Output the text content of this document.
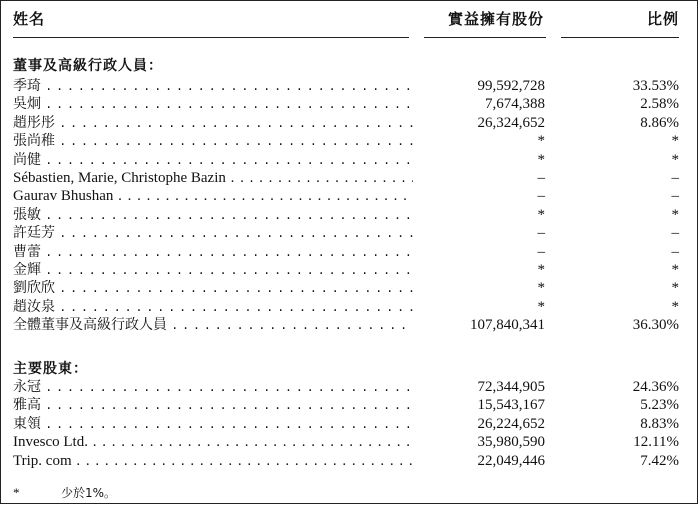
姓名	實益擁有股份	比例
董事及高級行政人員：
季琦 . . .	99,592,728	33.53%
吳炯 . . .	7,674,388	2.58%
趙彤彤 . . .	26,324,652	8.86%
張尚稚 . . .	*	*
尚健 . . .	*	*
Sébastien, Marie, Christophe Bazin . . .	–	–
Gaurav Bhushan . . .	–	–
張敏 . . .	*	*
許廷芳 . . .	–	–
曹蕾 . . .	–	–
金輝 . . .	*	*
劉欣欣 . . .	*	*
趙汝泉 . . .	*	*
全體董事及高級行政人員 . . .	107,840,341	36.30%
主要股東：
永冠 . . .	72,344,905	24.36%
雅高 . . .	15,543,167	5.23%
東領 . . .	26,224,652	8.83%
Invesco Ltd. . . .	35,980,590	12.11%
Trip. com . . .	22,049,446	7.42%
*	少於1%。
